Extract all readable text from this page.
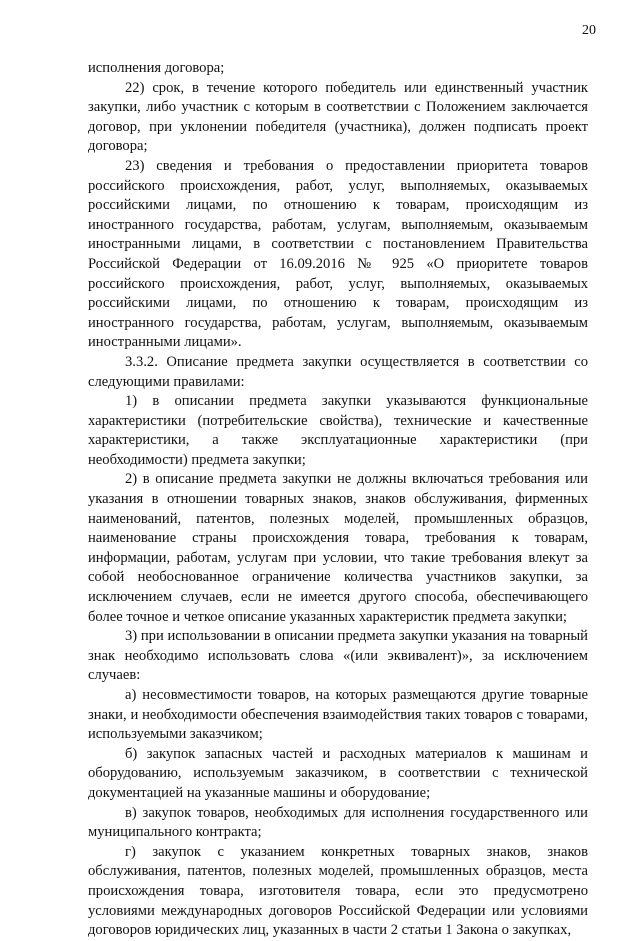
20

исполнения договора;

22) срок, в течение которого победитель или единственный участник закупки, либо участник с которым в соответствии с Положением заключается договор, при уклонении победителя (участника), должен подписать проект договора;

23) сведения и требования о предоставлении приоритета товаров российского происхождения, работ, услуг, выполняемых, оказываемых российскими лицами, по отношению к товарам, происходящим из иностранного государства, работам, услугам, выполняемым, оказываемым иностранными лицами, в соответствии с постановлением Правительства Российской Федерации от 16.09.2016 № 925 «О приоритете товаров российского происхождения, работ, услуг, выполняемых, оказываемых российскими лицами, по отношению к товарам, происходящим из иностранного государства, работам, услугам, выполняемым, оказываемым иностранными лицами».

3.3.2. Описание предмета закупки осуществляется в соответствии со следующими правилами:

1) в описании предмета закупки указываются функциональные характеристики (потребительские свойства), технические и качественные характеристики, а также эксплуатационные характеристики (при необходимости) предмета закупки;

2) в описание предмета закупки не должны включаться требования или указания в отношении товарных знаков, знаков обслуживания, фирменных наименований, патентов, полезных моделей, промышленных образцов, наименование страны происхождения товара, требования к товарам, информации, работам, услугам при условии, что такие требования влекут за собой необоснованное ограничение количества участников закупки, за исключением случаев, если не имеется другого способа, обеспечивающего более точное и четкое описание указанных характеристик предмета закупки;

3) при использовании в описании предмета закупки указания на товарный знак необходимо использовать слова «(или эквивалент)», за исключением случаев:

а) несовместимости товаров, на которых размещаются другие товарные знаки, и необходимости обеспечения взаимодействия таких товаров с товарами, используемыми заказчиком;

б) закупок запасных частей и расходных материалов к машинам и оборудованию, используемым заказчиком, в соответствии с технической документацией на указанные машины и оборудование;

в) закупок товаров, необходимых для исполнения государственного или муниципального контракта;

г) закупок с указанием конкретных товарных знаков, знаков обслуживания, патентов, полезных моделей, промышленных образцов, места происхождения товара, изготовителя товара, если это предусмотрено условиями международных договоров Российской Федерации или условиями договоров юридических лиц, указанных в части 2 статьи 1 Закона о закупках,
